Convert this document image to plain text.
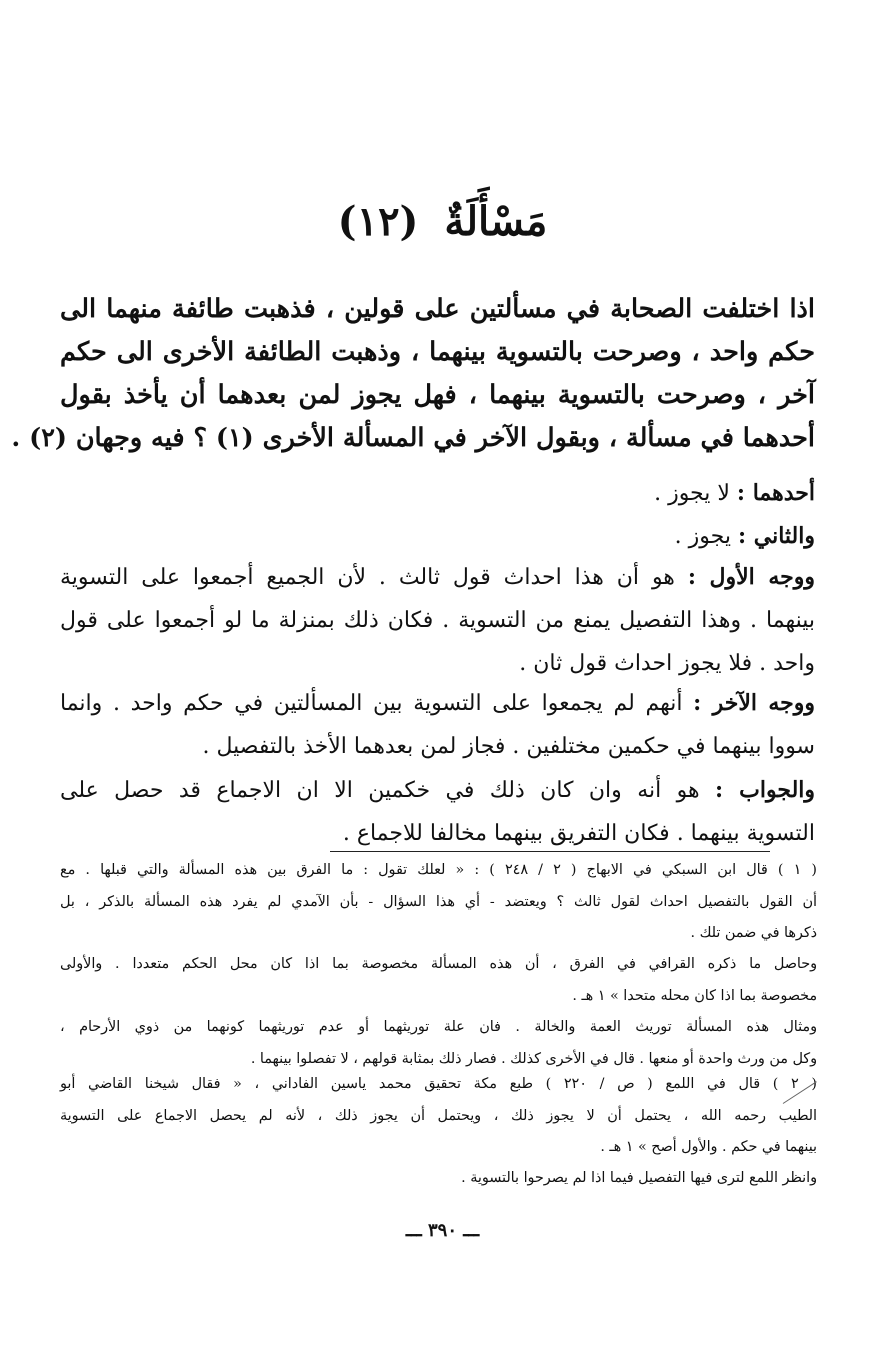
مَسْأَلَةٌ (١٢)
اذا اختلفت الصحابة في مسألتين على قولين ، فذهبت طائفة منهما الى
حكم واحد ، وصرحت بالتسوية بينهما ، وذهبت الطائفة الأخرى الى حكم
آخر ، وصرحت بالتسوية بينهما ، فهل يجوز لمن بعدهما أن يأخذ بقول
أحدهما في مسألة ، وبقول الآخر في المسألة الأخرى (١) ؟ فيه وجهان (٢) .
أحدهما : لا يجوز .
والثاني : يجوز .
ووجه الأول : هو أن هذا احداث قول ثالث . لأن الجميع أجمعوا على التسوية
بينهما . وهذا التفصيل يمنع من التسوية . فكان ذلك بمنزلة ما لو أجمعوا على قول
واحد . فلا يجوز احداث قول ثان .
ووجه الآخر : أنهم لم يجمعوا على التسوية بين المسألتين في حكم واحد . وانما
سووا بينهما في حكمين مختلفين . فجاز لمن بعدهما الأخذ بالتفصيل .
والجواب : هو أنه وان كان ذلك في خكمين الا ان الاجماع قد حصل على
التسوية بينهما . فكان التفريق بينهما مخالفا للاجماع .
( ١ ) قال ابن السبكي في الابهاج ( ٢ / ٢٤٨ ) : « لعلك تقول : ما الفرق بين هذه المسألة والتي قبلها . مع
أن القول بالتفصيل احداث لقول ثالث ؟ ويعتضد - أي هذا السؤال - بأن الآمدي لم يفرد هذه المسألة بالذكر ، بل
ذكرها في ضمن تلك .
وحاصل ما ذكره القرافي في الفرق ، أن هذه المسألة مخصوصة بما اذا كان محل الحكم متعددا . والأولى
مخصوصة بما اذا كان محله متحدا » ١ هـ .
ومثال هذه المسألة توريث العمة والخالة . فان علة توريثهما أو عدم توريثهما كونهما من ذوي الأرحام ،
وكل من ورث واحدة أو منعها . قال في الأخرى كذلك . فصار ذلك بمثابة قولهم ، لا تفصلوا بينهما .
( ٢ ) قال في اللمع ( ص / ٢٢٠ ) طبع مكة تحقيق محمد ياسين الفاداني ، « فقال شيخنا القاضي أبو
الطيب رحمه الله ، يحتمل أن لا يجوز ذلك ، ويحتمل أن يجوز ذلك ، لأنه لم يحصل الاجماع على التسوية
بينهما في حكم . والأول أصح » ١ هـ .
وانظر اللمع لترى فيها التفصيل فيما اذا لم يصرحوا بالتسوية .
ـــ ٣٩٠ ـــ
